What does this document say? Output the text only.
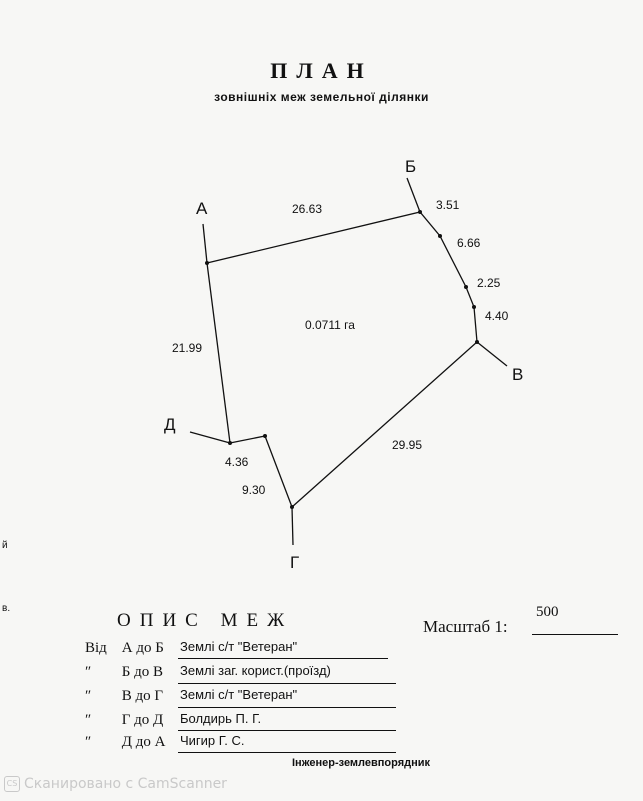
ПЛАН
зовнішніх меж земельної ділянки
А
Б
В
Г
Д
26.63	3.51
6.66
2.25
4.40
29.95
9.30
4.36
21.99
0.0711 га
ОПИС МЕЖ	Масштаб 1:
500
Від А до Б Землі с/т "Ветеран"
″ Б до В Землі заг. корист.(проїзд)
″ В до Г Землі с/т "Ветеран"
″ Г до Д Болдирь П. Г.
″ Д до А Чигир Г. С.
Інженер-землевпорядник
й
в.
CS Сканировано с CamScanner
